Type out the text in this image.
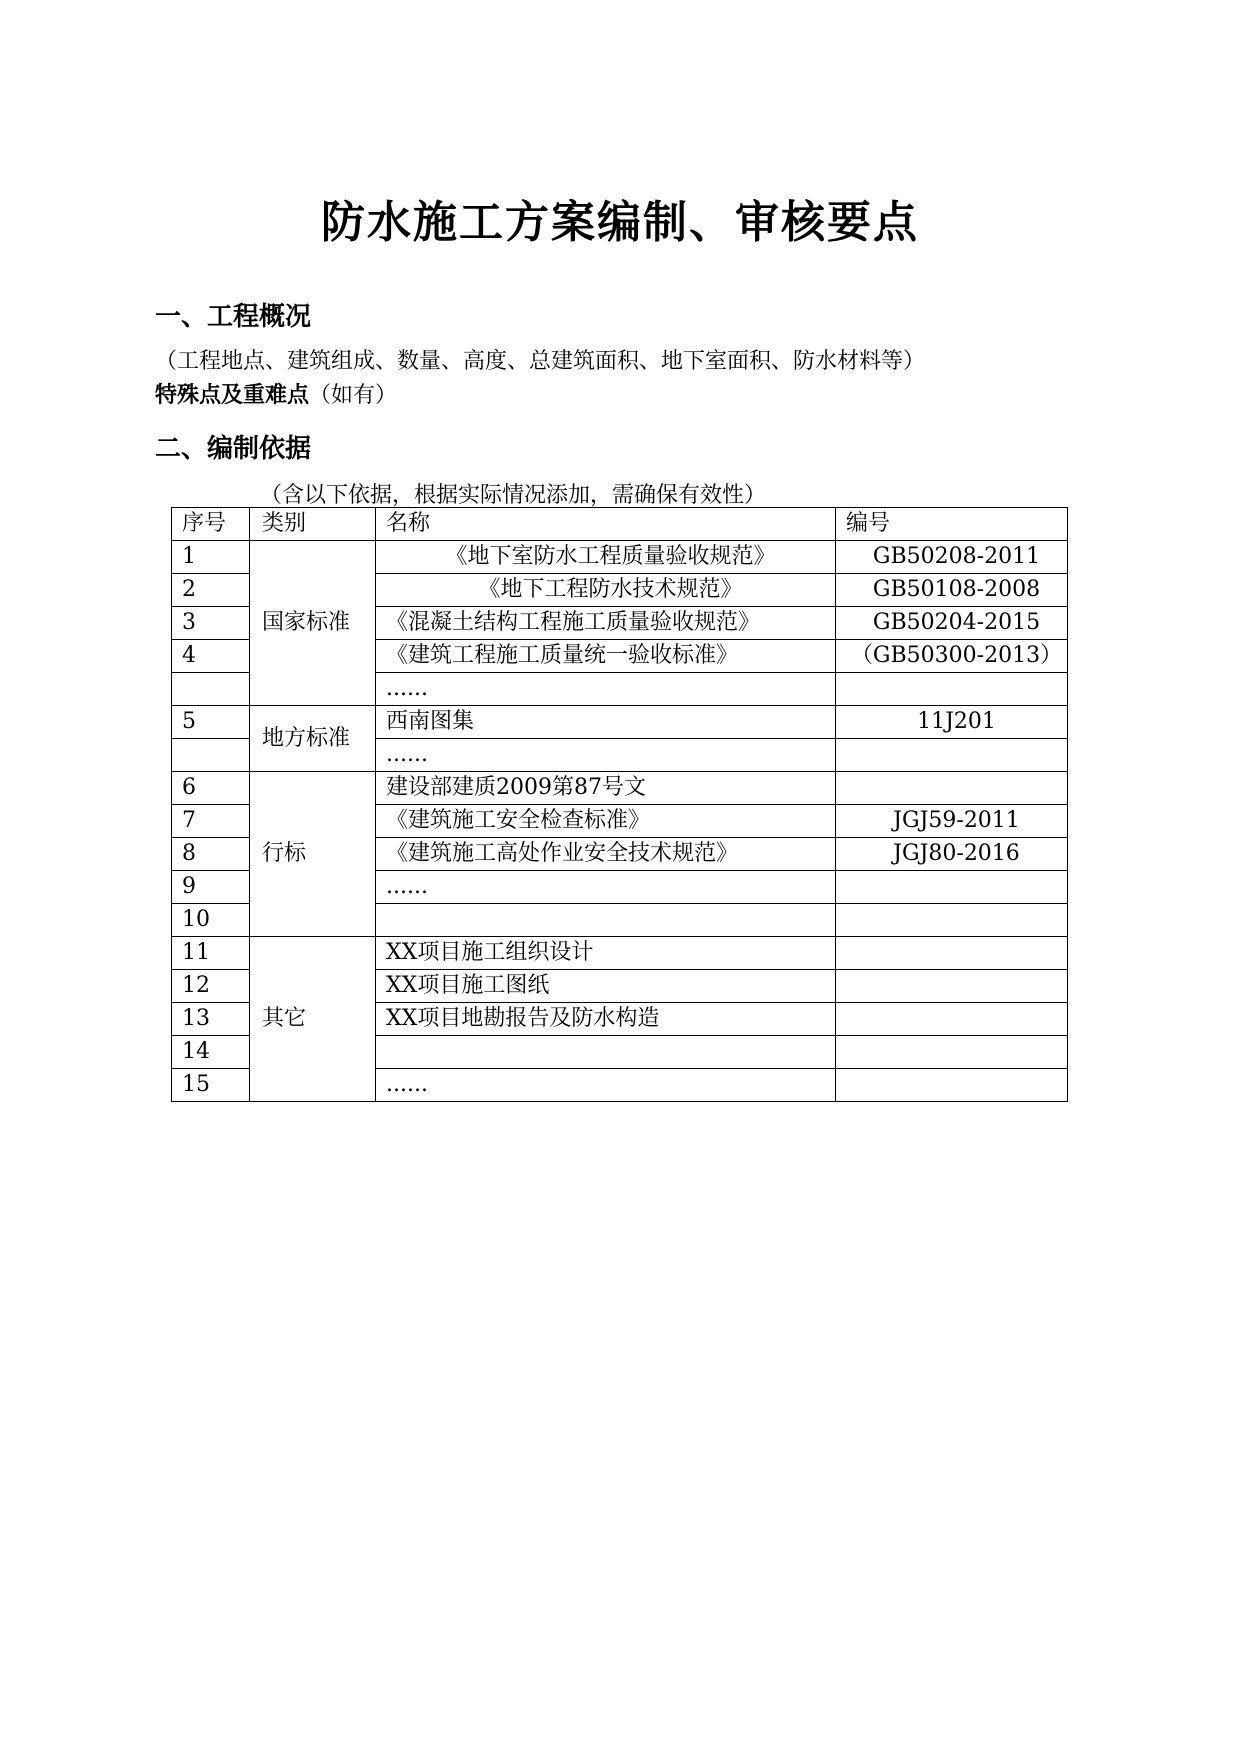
防水施工方案编制、审核要点
一、工程概况
（工程地点、建筑组成、数量、高度、总建筑面积、地下室面积、防水材料等）
特殊点及重难点（如有）
二、编制依据
（含以下依据，根据实际情况添加，需确保有效性）
序号	类别	名称	编号
1	国家标准	《地下室防水工程质量验收规范》	GB50208-2011
2		《地下工程防水技术规范》	GB50108-2008
3		《混凝土结构工程施工质量验收规范》	GB50204-2015
4		《建筑工程施工质量统一验收标准》	（GB50300-2013）
		......	
5	地方标准	西南图集	11J201
		......	
6	行标	建设部建质2009第87号文	
7		《建筑施工安全检查标准》	JGJ59-2011
8		《建筑施工高处作业安全技术规范》	JGJ80-2016
9		......	
10			
11	其它	XX项目施工组织设计	
12		XX项目施工图纸	
13		XX项目地勘报告及防水构造	
14			
15		......	
